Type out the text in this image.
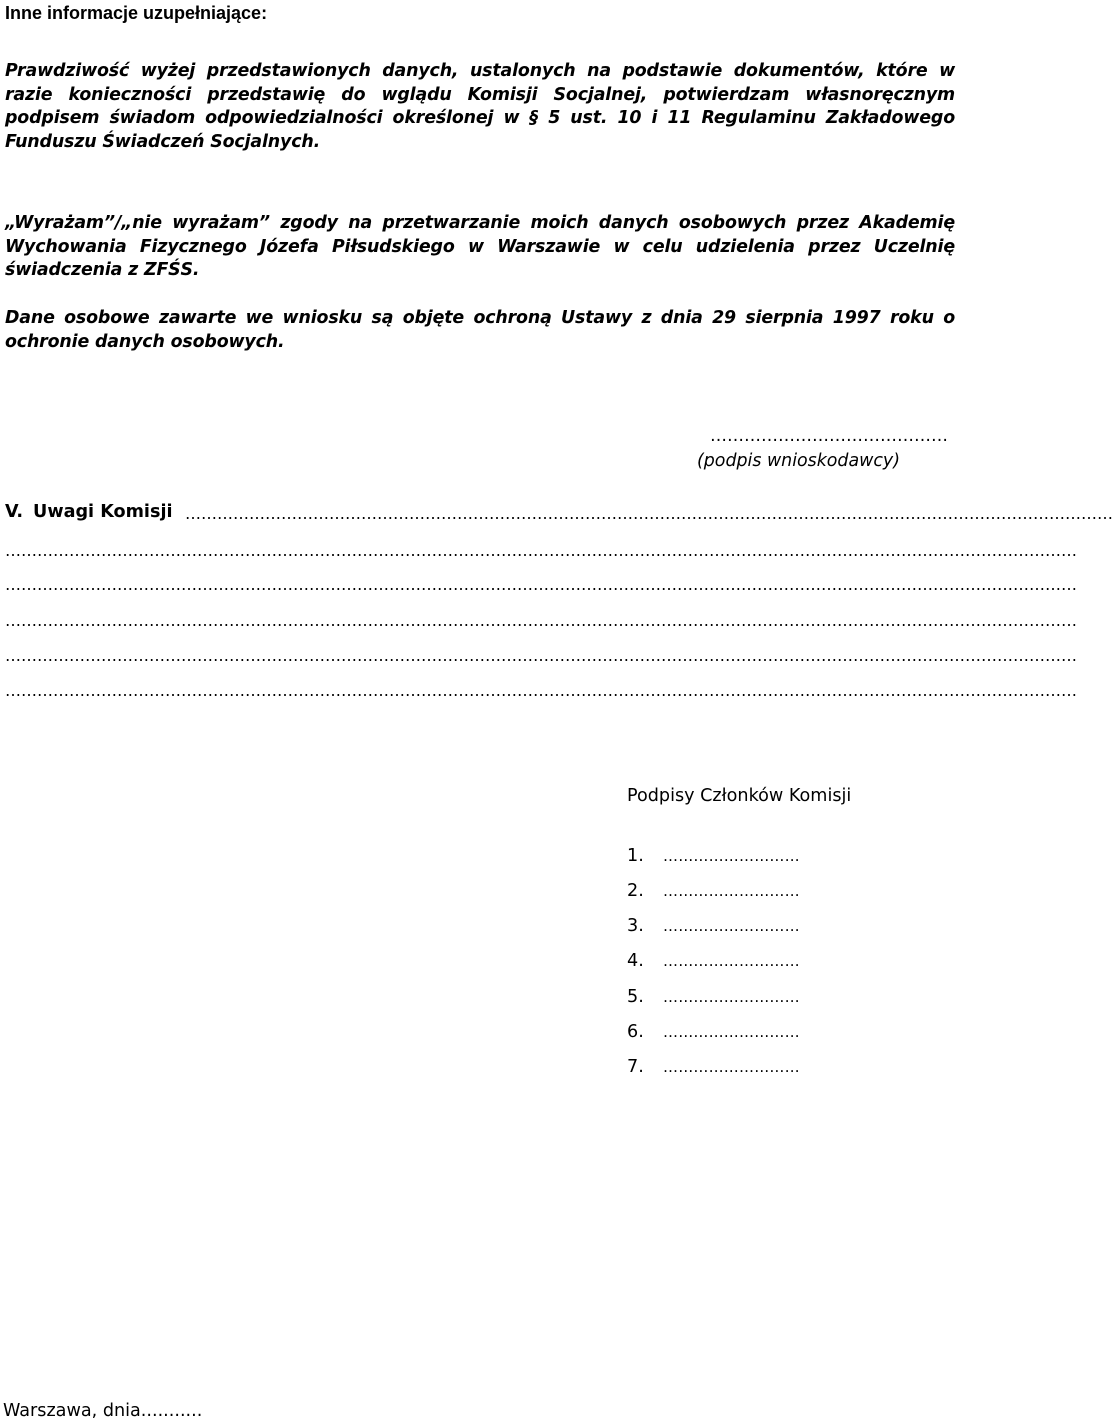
Inne informacje uzupełniające:
Prawdziwość wyżej przedstawionych danych, ustalonych na podstawie dokumentów, które w razie konieczności przedstawię do wglądu Komisji Socjalnej, potwierdzam własnoręcznym podpisem świadom odpowiedzialności określonej w § 5 ust. 10 i 11 Regulaminu Zakładowego Funduszu Świadczeń Socjalnych.
„Wyrażam”/„nie wyrażam” zgody na przetwarzanie moich danych osobowych przez Akademię Wychowania Fizycznego Józefa Piłsudskiego w Warszawie w celu udzielenia przez Uczelnię świadczenia z ZFŚS.
Dane osobowe zawarte we wniosku są objęte ochroną Ustawy z dnia 29 sierpnia 1997 roku o ochronie danych osobowych.
……………………………………
(podpis wnioskodawcy)
V. Uwagi Komisji …………………………………………………………………………………………………………………………………………………………
…………………………………………………………………………………………………………………………………………………………………………………
…………………………………………………………………………………………………………………………………………………………………………………
…………………………………………………………………………………………………………………………………………………………………………………
…………………………………………………………………………………………………………………………………………………………………………………
…………………………………………………………………………………………………………………………………………………………………………………
Podpisy Członków Komisji
1. ………………………
2. ………………………
3. ………………………
4. ………………………
5. ………………………
6. ………………………
7. ………………………
Warszawa, dnia...........
